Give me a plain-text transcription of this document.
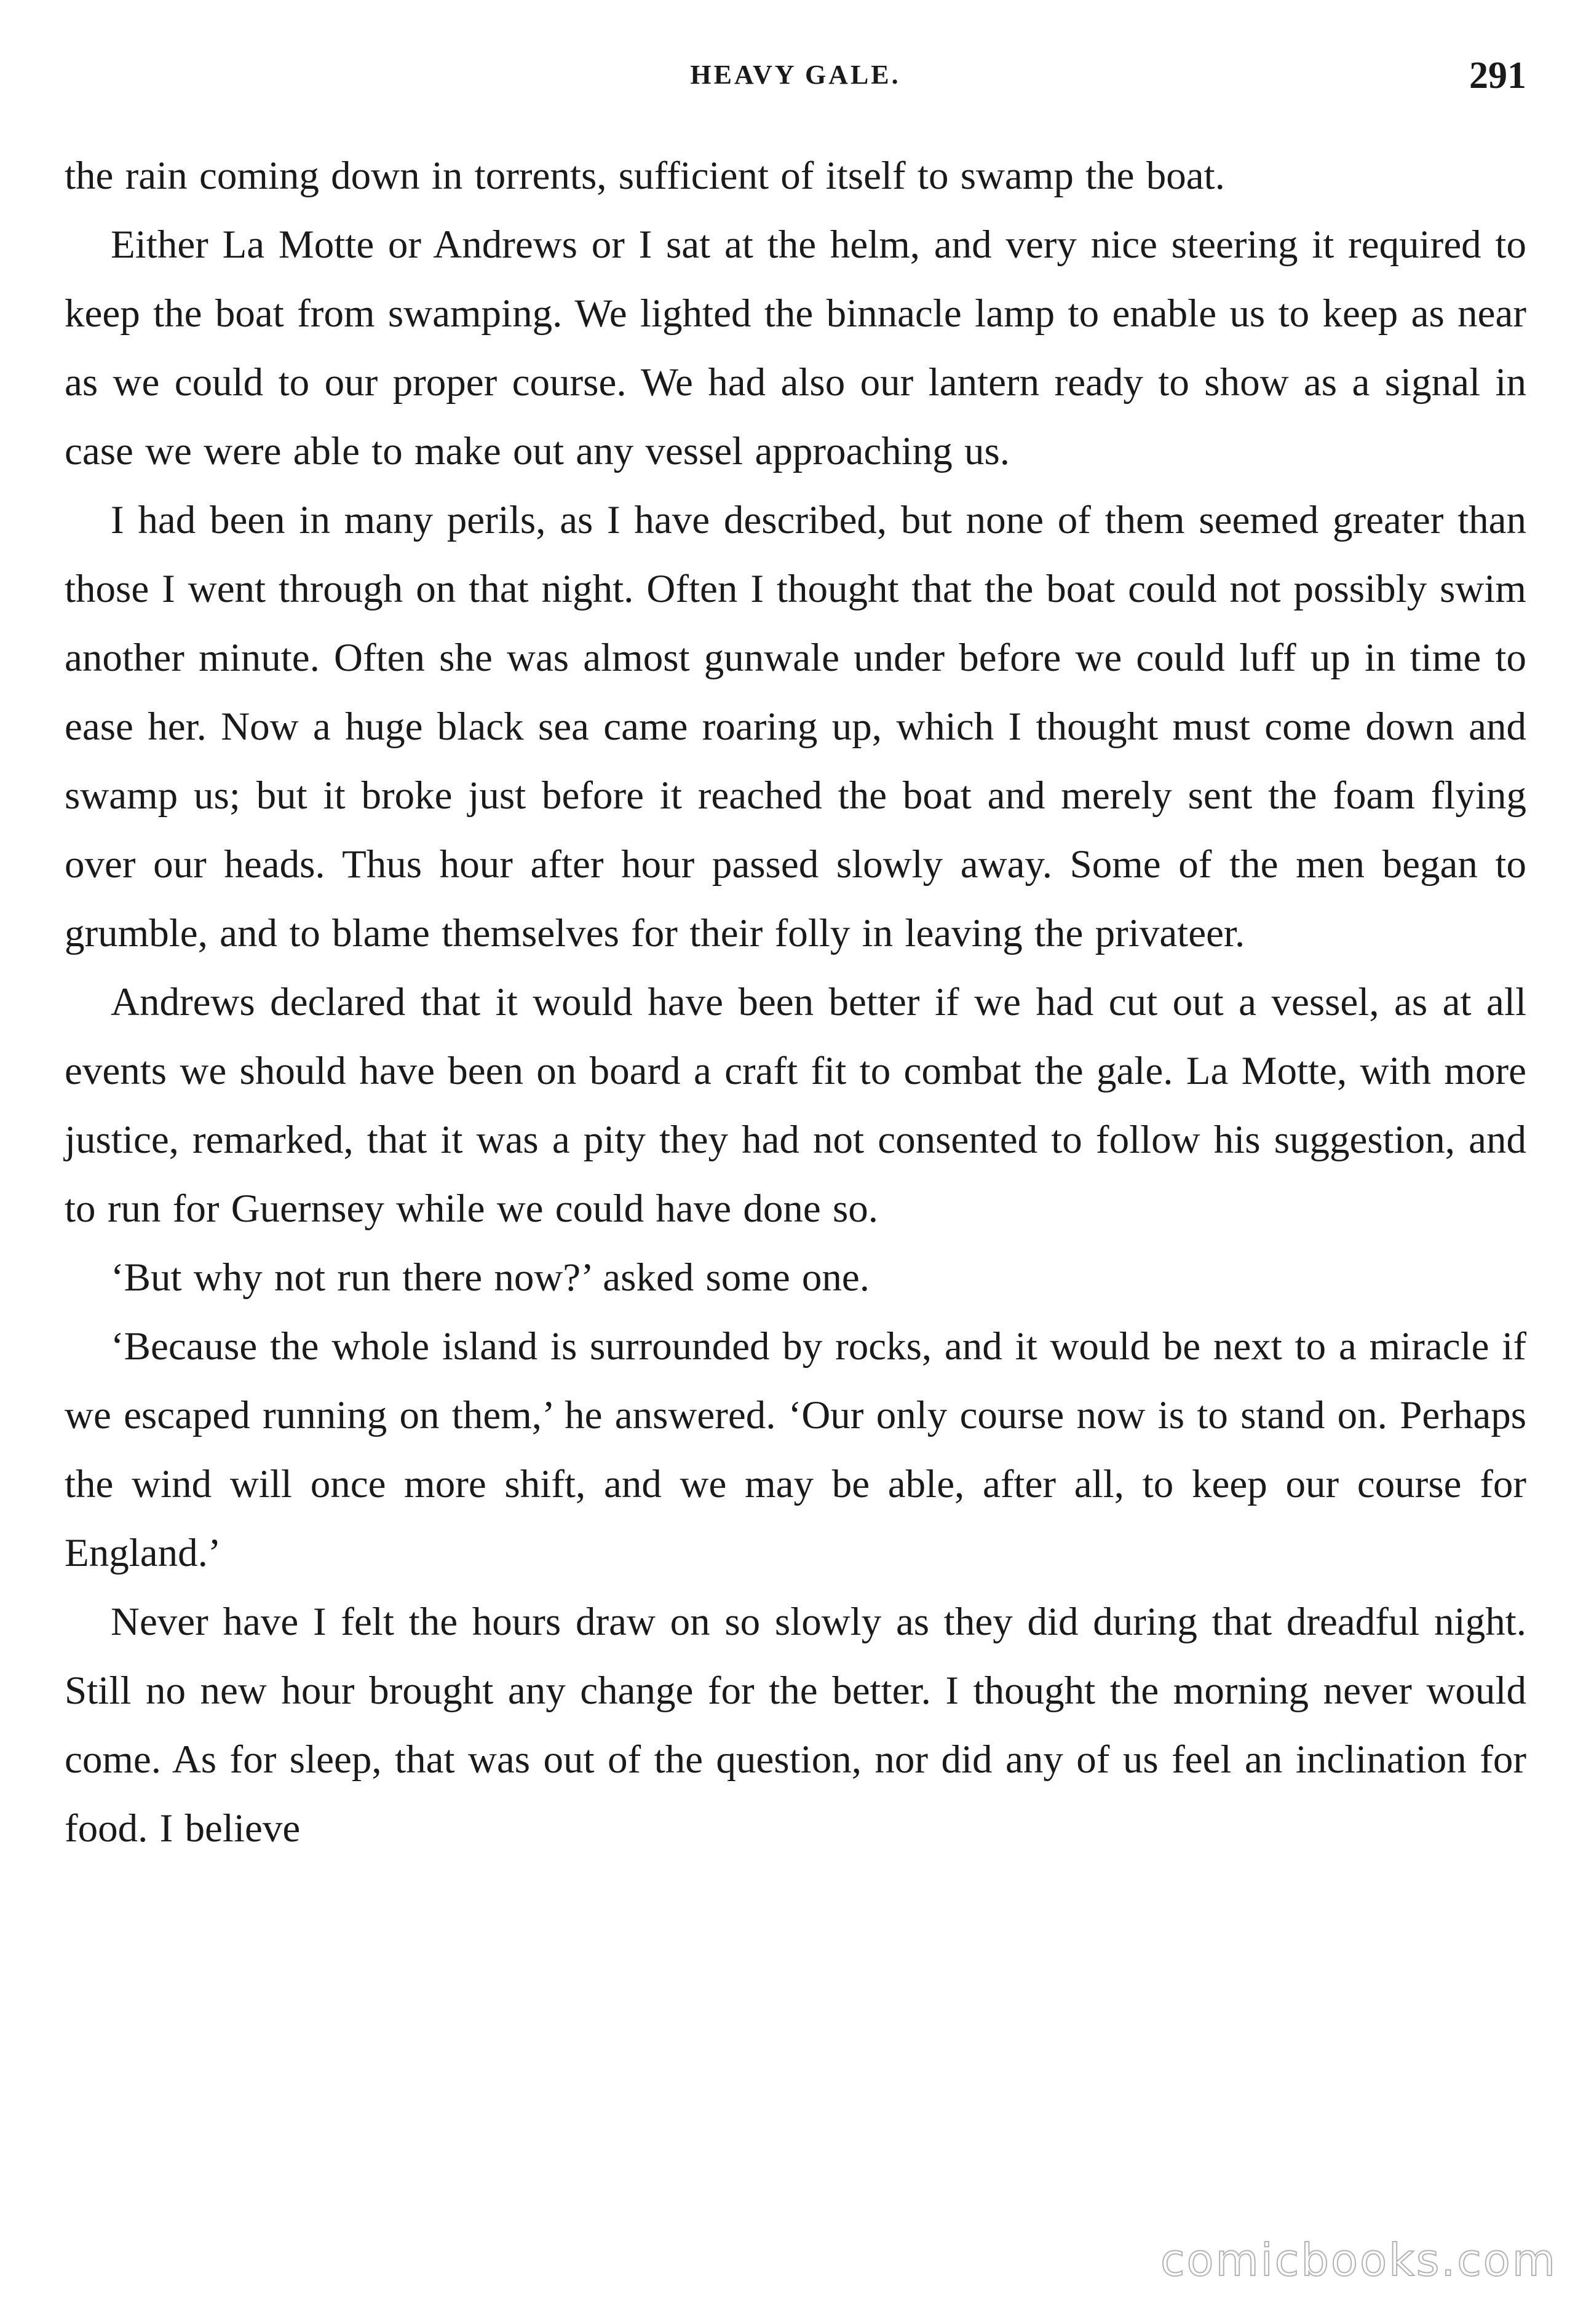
HEAVY GALE.	291

the rain coming down in torrents, sufficient of itself to swamp the boat.

Either La Motte or Andrews or I sat at the helm, and very nice steering it required to keep the boat from swamping. We lighted the binnacle lamp to enable us to keep as near as we could to our proper course. We had also our lantern ready to show as a signal in case we were able to make out any vessel approaching us.

I had been in many perils, as I have described, but none of them seemed greater than those I went through on that night. Often I thought that the boat could not possibly swim another minute. Often she was almost gunwale under before we could luff up in time to ease her. Now a huge black sea came roaring up, which I thought must come down and swamp us; but it broke just before it reached the boat and merely sent the foam flying over our heads. Thus hour after hour passed slowly away. Some of the men began to grumble, and to blame themselves for their folly in leaving the privateer.

Andrews declared that it would have been better if we had cut out a vessel, as at all events we should have been on board a craft fit to combat the gale. La Motte, with more justice, remarked, that it was a pity they had not consented to follow his suggestion, and to run for Guernsey while we could have done so.

‘But why not run there now?’ asked some one.

‘Because the whole island is surrounded by rocks, and it would be next to a miracle if we escaped running on them,’ he answered. ‘Our only course now is to stand on. Perhaps the wind will once more shift, and we may be able, after all, to keep our course for England.’

Never have I felt the hours draw on so slowly as they did during that dreadful night. Still no new hour brought any change for the better. I thought the morning never would come. As for sleep, that was out of the question, nor did any of us feel an inclination for food. I believe

comicbooks.com
